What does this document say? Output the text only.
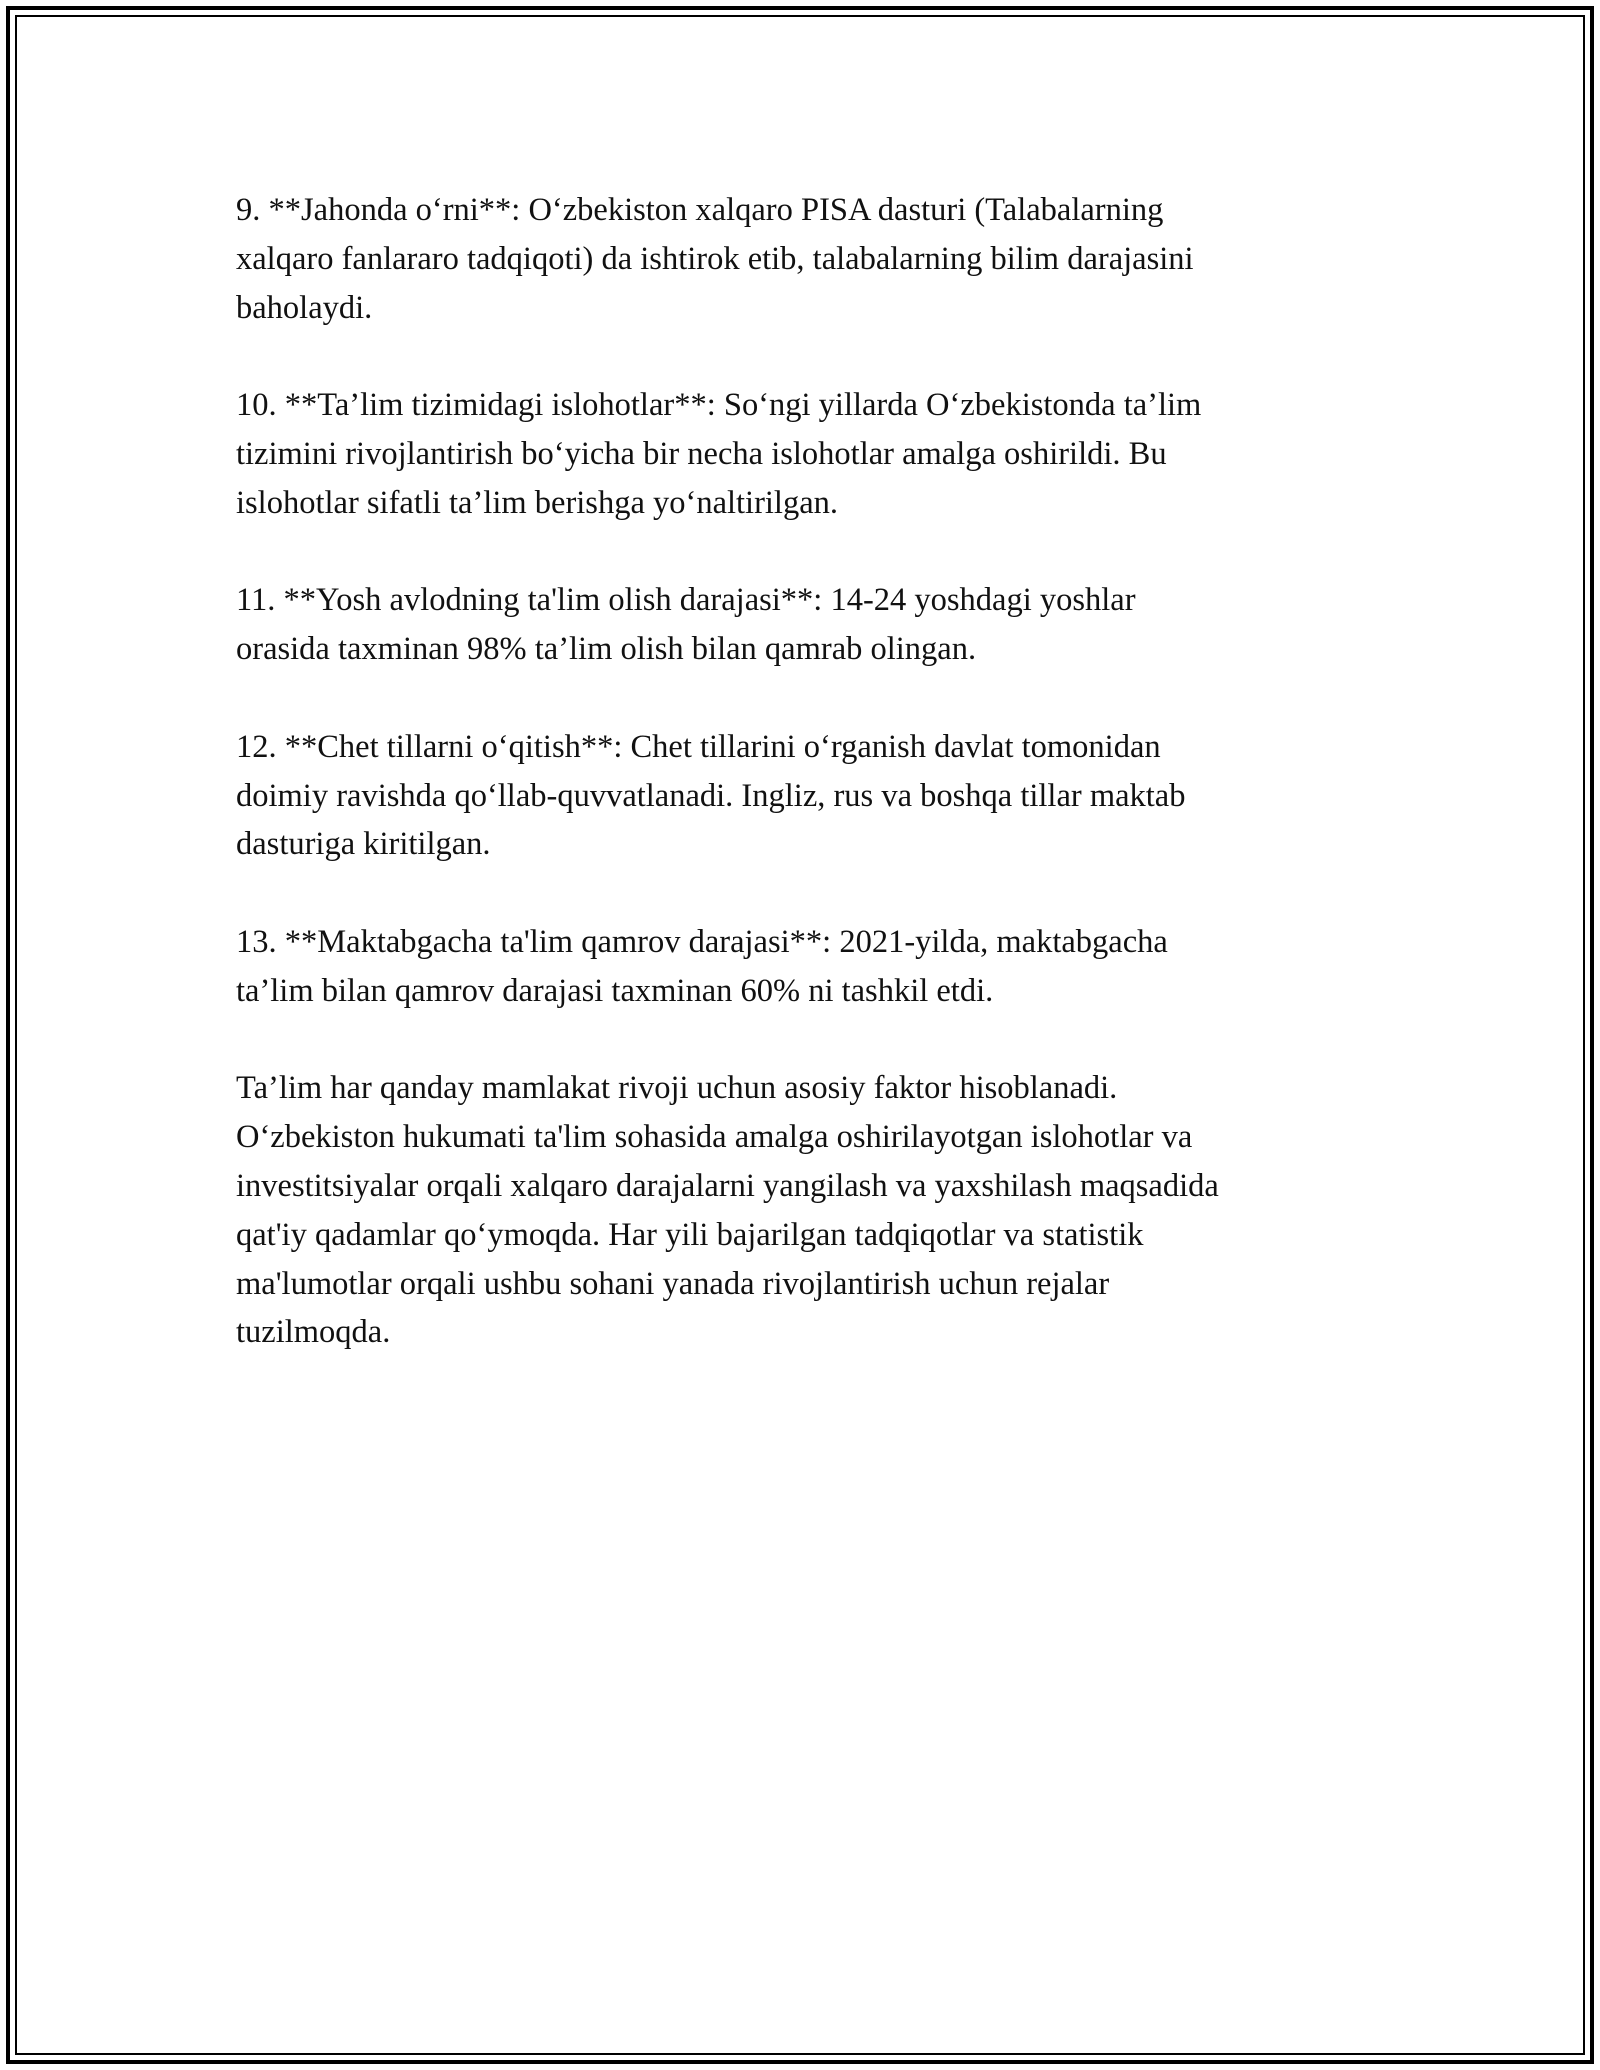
9. **Jahonda o‘rni**: O‘zbekiston xalqaro PISA dasturi (Talabalarning
xalqaro fanlararo tadqiqoti) da ishtirok etib, talabalarning bilim darajasini
baholaydi.

10. **Ta’lim tizimidagi islohotlar**: So‘ngi yillarda O‘zbekistonda ta’lim
tizimini rivojlantirish bo‘yicha bir necha islohotlar amalga oshirildi. Bu
islohotlar sifatli ta’lim berishga yo‘naltirilgan.

11. **Yosh avlodning ta'lim olish darajasi**: 14-24 yoshdagi yoshlar
orasida taxminan 98% ta’lim olish bilan qamrab olingan.

12. **Chet tillarni o‘qitish**: Chet tillarini o‘rganish davlat tomonidan
doimiy ravishda qo‘llab-quvvatlanadi. Ingliz, rus va boshqa tillar maktab
dasturiga kiritilgan.

13. **Maktabgacha ta'lim qamrov darajasi**: 2021-yilda, maktabgacha
ta’lim bilan qamrov darajasi taxminan 60% ni tashkil etdi.

Ta’lim har qanday mamlakat rivoji uchun asosiy faktor hisoblanadi.
O‘zbekiston hukumati ta'lim sohasida amalga oshirilayotgan islohotlar va
investitsiyalar orqali xalqaro darajalarni yangilash va yaxshilash maqsadida
qat'iy qadamlar qo‘ymoqda. Har yili bajarilgan tadqiqotlar va statistik
ma'lumotlar orqali ushbu sohani yanada rivojlantirish uchun rejalar
tuzilmoqda.
